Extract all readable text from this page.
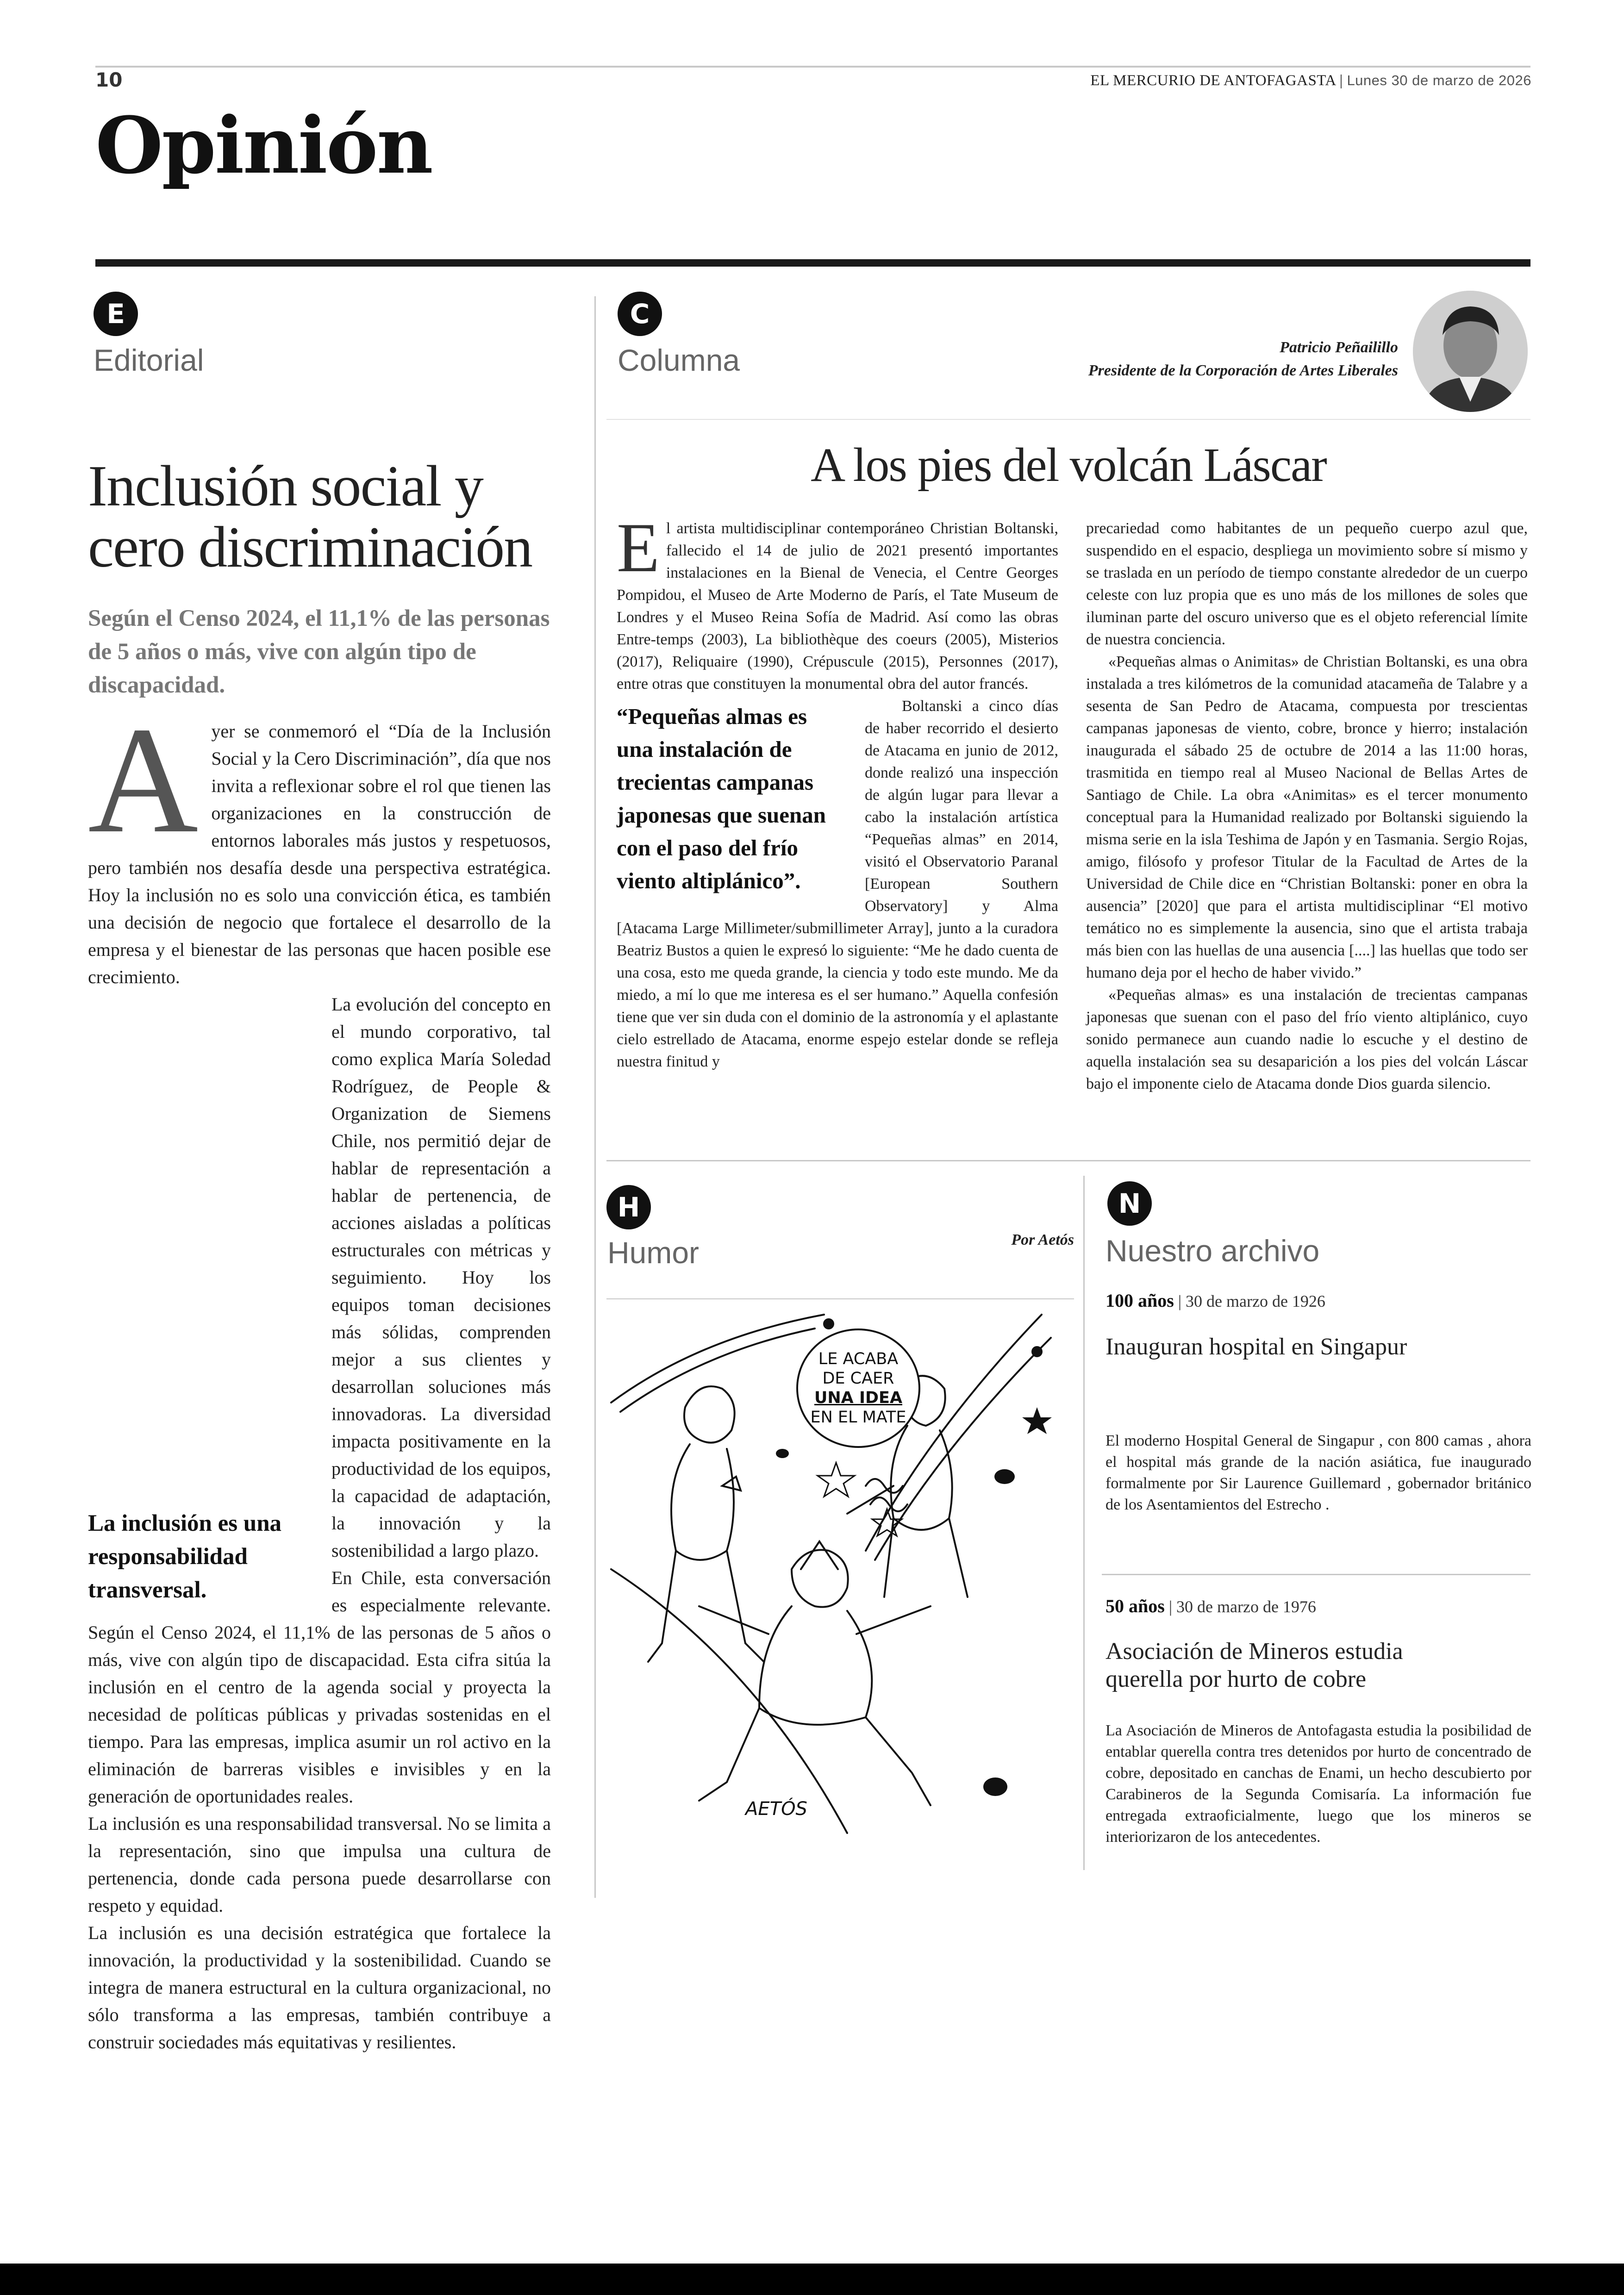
10	EL MERCURIO DE ANTOFAGASTA | Lunes 30 de marzo de 2026
Opinión
E
Editorial
Inclusión social y
cero discriminación
Según el Censo 2024, el 11,1% de las personas de 5 años o más, vive con algún tipo de discapacidad.

Ayer se conmemoró el “Día de la Inclusión Social y la Cero Discriminación”, día que nos invita a reflexionar sobre el rol que tienen las organizaciones en la construcción de entornos laborales más justos y respetuosos, pero también nos desafía desde una perspectiva estratégica. Hoy la inclusión no es solo una convicción ética, es también una decisión de negocio que fortalece el desarrollo de la empresa y el bienestar de las personas que hacen posible ese crecimiento.

La inclusión es una responsabilidad transversal.
La evolución del concepto en el mundo corporativo, tal como explica María Soledad Rodríguez, de People & Organization de Siemens Chile, nos permitió dejar de hablar de representación a hablar de pertenencia, de acciones aisladas a políticas estructurales con métricas y seguimiento. Hoy los equipos toman decisiones más sólidas, comprenden mejor a sus clientes y desarrollan soluciones más innovadoras. La diversidad impacta positivamente en la productividad de los equipos, la capacidad de adaptación, la innovación y la sostenibilidad a largo plazo.

En Chile, esta conversación es especialmente relevante. Según el Censo 2024, el 11,1% de las personas de 5 años o más, vive con algún tipo de discapacidad. Esta cifra sitúa la inclusión en el centro de la agenda social y proyecta la necesidad de políticas públicas y privadas sostenidas en el tiempo. Para las empresas, implica asumir un rol activo en la eliminación de barreras visibles e invisibles y en la generación de oportunidades reales.

La inclusión es una responsabilidad transversal. No se limita a la representación, sino que impulsa una cultura de pertenencia, donde cada persona puede desarrollarse con respeto y equidad.

La inclusión es una decisión estratégica que fortalece la innovación, la productividad y la sostenibilidad. Cuando se integra de manera estructural en la cultura organizacional, no sólo transforma a las empresas, también contribuye a construir sociedades más equitativas y resilientes.

C
Columna	Patricio Peñailillo
Presidente de la Corporación de Artes Liberales
A los pies del volcán Láscar

El artista multidisciplinar contemporáneo Christian Boltanski, fallecido el 14 de julio de 2021 presentó importantes instalaciones en la Bienal de Venecia, el Centre Georges Pompidou, el Museo de Arte Moderno de París, el Tate Museum de Londres y el Museo Reina Sofía de Madrid. Así como las obras Entre-temps (2003), La bibliothèque des coeurs (2005), Misterios (2017), Reliquaire (1990), Crépuscule (2015), Personnes (2017), entre otras que constituyen la monumental obra del autor francés.

“Pequeñas almas es una instalación de trecientas campanas japonesas que suenan con el paso del frío viento altiplánico”.
Boltanski a cinco días de haber recorrido el desierto de Atacama en junio de 2012, donde realizó una inspección de algún lugar para llevar a cabo la instalación artística “Pequeñas almas” en 2014, visitó el Observatorio Paranal [European Southern Observatory] y Alma [Atacama Large Millimeter/submillimeter Array], junto a la curadora Beatriz Bustos a quien le expresó lo siguiente: “Me he dado cuenta de una cosa, esto me queda grande, la ciencia y todo este mundo. Me da miedo, a mí lo que me interesa es el ser humano.” Aquella confesión tiene que ver sin duda con el dominio de la astronomía y el aplastante cielo estrellado de Atacama, enorme espejo estelar donde se refleja nuestra finitud y

precariedad como habitantes de un pequeño cuerpo azul que, suspendido en el espacio, despliega un movimiento sobre sí mismo y se traslada en un período de tiempo constante alrededor de un cuerpo celeste con luz propia que es uno más de los millones de soles que iluminan parte del oscuro universo que es el objeto referencial límite de nuestra conciencia.

«Pequeñas almas o Animitas» de Christian Boltanski, es una obra instalada a tres kilómetros de la comunidad atacameña de Talabre y a sesenta de San Pedro de Atacama, compuesta por trescientas campanas japonesas de viento, cobre, bronce y hierro; instalación inaugurada el sábado 25 de octubre de 2014 a las 11:00 horas, trasmitida en tiempo real al Museo Nacional de Bellas Artes de Santiago de Chile. La obra «Animitas» es el tercer monumento conceptual para la Humanidad realizado por Boltanski siguiendo la misma serie en la isla Teshima de Japón y en Tasmania. Sergio Rojas, amigo, filósofo y profesor Titular de la Facultad de Artes de la Universidad de Chile dice en “Christian Boltanski: poner en obra la ausencia” [2020] que para el artista multidisciplinar “El motivo temático no es simplemente la ausencia, sino que el artista trabaja más bien con las huellas de una ausencia [....] las huellas que todo ser humano deja por el hecho de haber vivido.”

«Pequeñas almas» es una instalación de trecientas campanas japonesas que suenan con el paso del frío viento altiplánico, cuyo sonido permanece aun cuando nadie lo escuche y el destino de aquella instalación sea su desaparición a los pies del volcán Láscar bajo el imponente cielo de Atacama donde Dios guarda silencio.

H
Humor	Por Aetós
LE ACABA
DE CAER
UNA IDEA
EN EL MATE
AETÓS
N
Nuestro archivo
100 años | 30 de marzo de 1926
Inauguran hospital en Singapur
El moderno Hospital General de Singapur , con 800 camas , ahora el hospital más grande de la nación asiática, fue inaugurado formalmente por Sir Laurence Guillemard , gobernador británico de los Asentamientos del Estrecho .
50 años | 30 de marzo de 1976
Asociación de Mineros estudia
querella por hurto de cobre
La Asociación de Mineros de Antofagasta estudia la posibilidad de entablar querella contra tres detenidos por hurto de concentrado de cobre, depositado en canchas de Enami, un hecho descubierto por Carabineros de la Segunda Comisaría. La información fue entregada extraoficialmente, luego que los mineros se interiorizaron de los antecedentes.
